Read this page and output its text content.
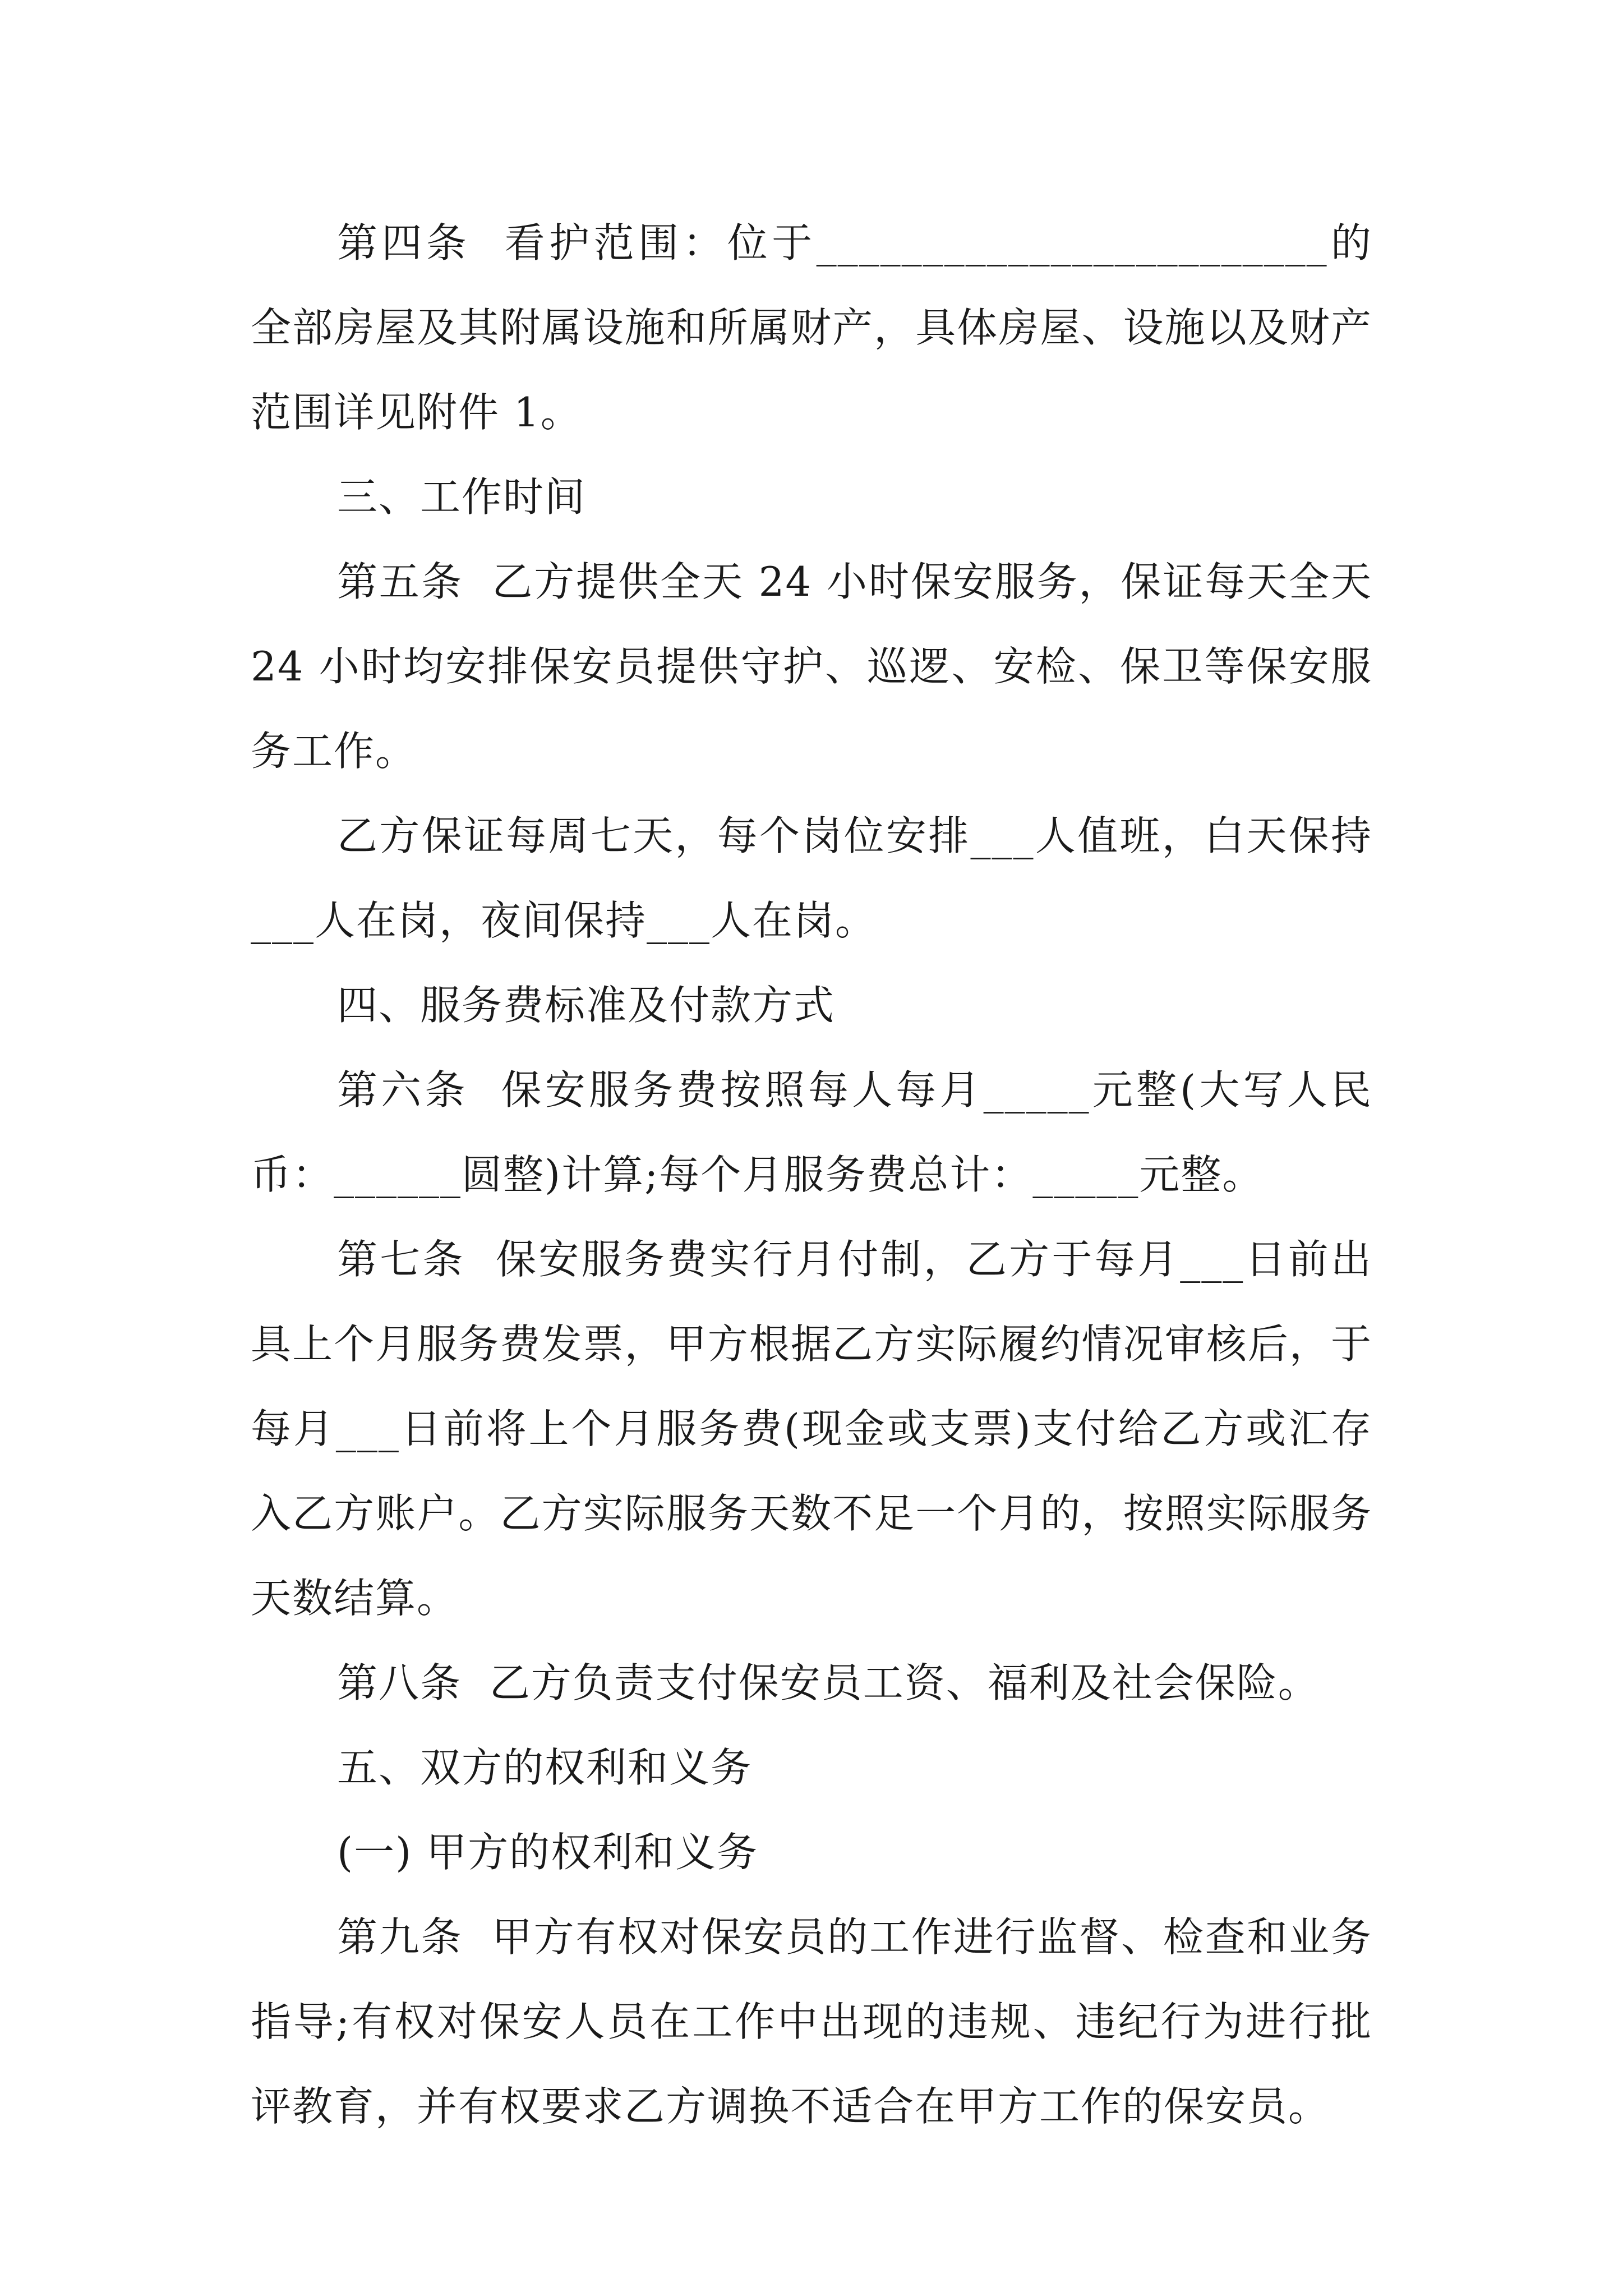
第四条  看护范围：位于________________________的全部房屋及其附属设施和所属财产，具体房屋、设施以及财产范围详见附件 1。

三、工作时间

第五条  乙方提供全天 24 小时保安服务，保证每天全天 24 小时均安排保安员提供守护、巡逻、安检、保卫等保安服务工作。

乙方保证每周七天，每个岗位安排___人值班，白天保持___人在岗，夜间保持___人在岗。

四、服务费标准及付款方式

第六条  保安服务费按照每人每月_____元整(大写人民币：______圆整)计算;每个月服务费总计：_____元整。

第七条  保安服务费实行月付制，乙方于每月___日前出具上个月服务费发票，甲方根据乙方实际履约情况审核后，于每月___日前将上个月服务费(现金或支票)支付给乙方或汇存入乙方账户。乙方实际服务天数不足一个月的，按照实际服务天数结算。

第八条  乙方负责支付保安员工资、福利及社会保险。

五、双方的权利和义务

(一) 甲方的权利和义务

第九条  甲方有权对保安员的工作进行监督、检查和业务指导;有权对保安人员在工作中出现的违规、违纪行为进行批评教育，并有权要求乙方调换不适合在甲方工作的保安员。
